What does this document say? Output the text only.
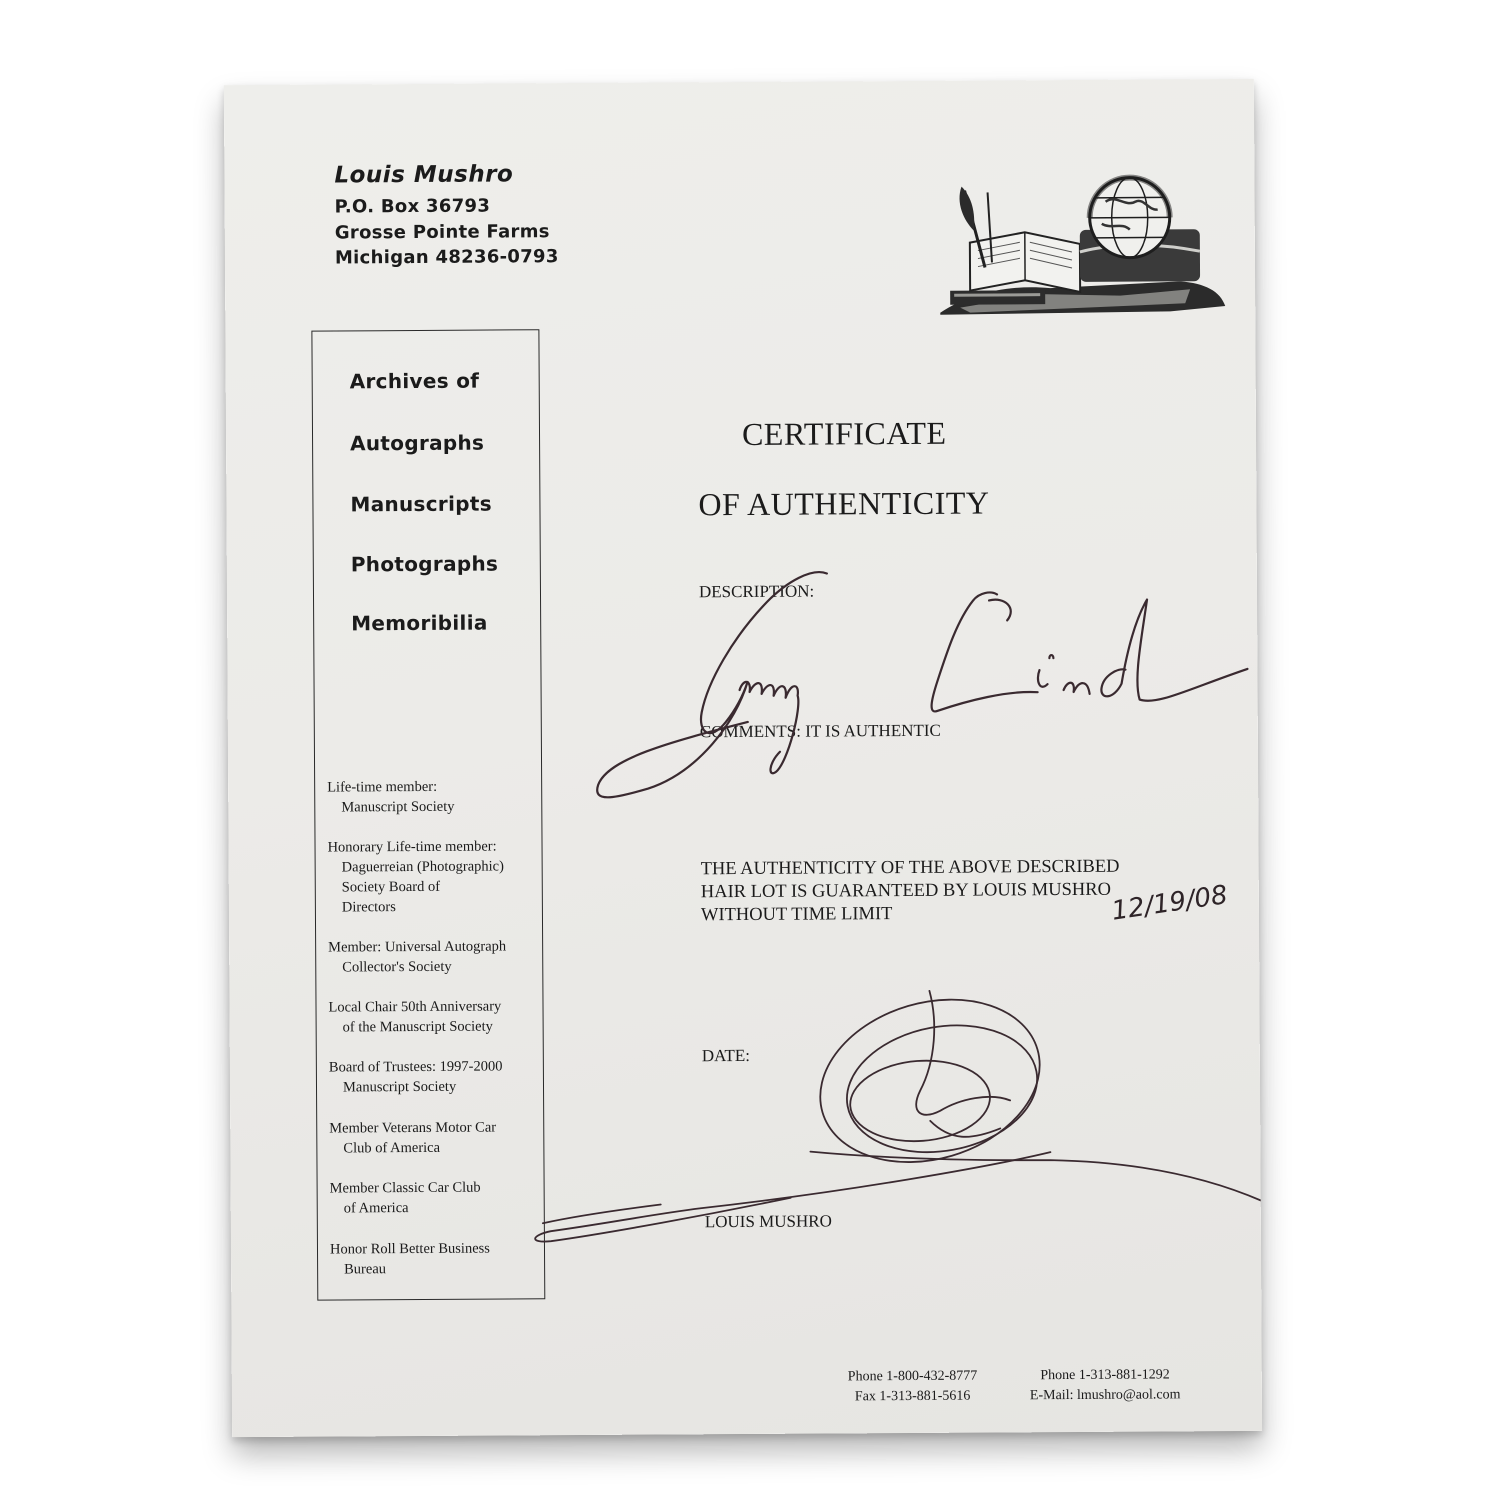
Louis Mushro
P.O. Box 36793
Grosse Pointe Farms
Michigan 48236-0793
Archives of
Autographs
Manuscripts
Photographs
Memoribilia
Life-time member:
Manuscript Society
Honorary Life-time member:
Daguerreian (Photographic)
Society Board of
Directors
Member: Universal Autograph
Collector's Society
Local Chair 50th Anniversary
of the Manuscript Society
Board of Trustees: 1997-2000
Manuscript Society
Member Veterans Motor Car
Club of America
Member Classic Car Club
of America
Honor Roll Better Business
Bureau
CERTIFICATE
OF AUTHENTICITY
DESCRIPTION:
COMMENTS: IT IS AUTHENTIC
THE AUTHENTICITY OF THE ABOVE DESCRIBED HAIR LOT IS GUARANTEED BY LOUIS MUSHRO WITHOUT TIME LIMIT
DATE:
LOUIS MUSHRO
Phone 1-800-432-8777
Fax 1-313-881-5616
Phone 1-313-881-1292
E-Mail: lmushro@aol.com
12/19/08
